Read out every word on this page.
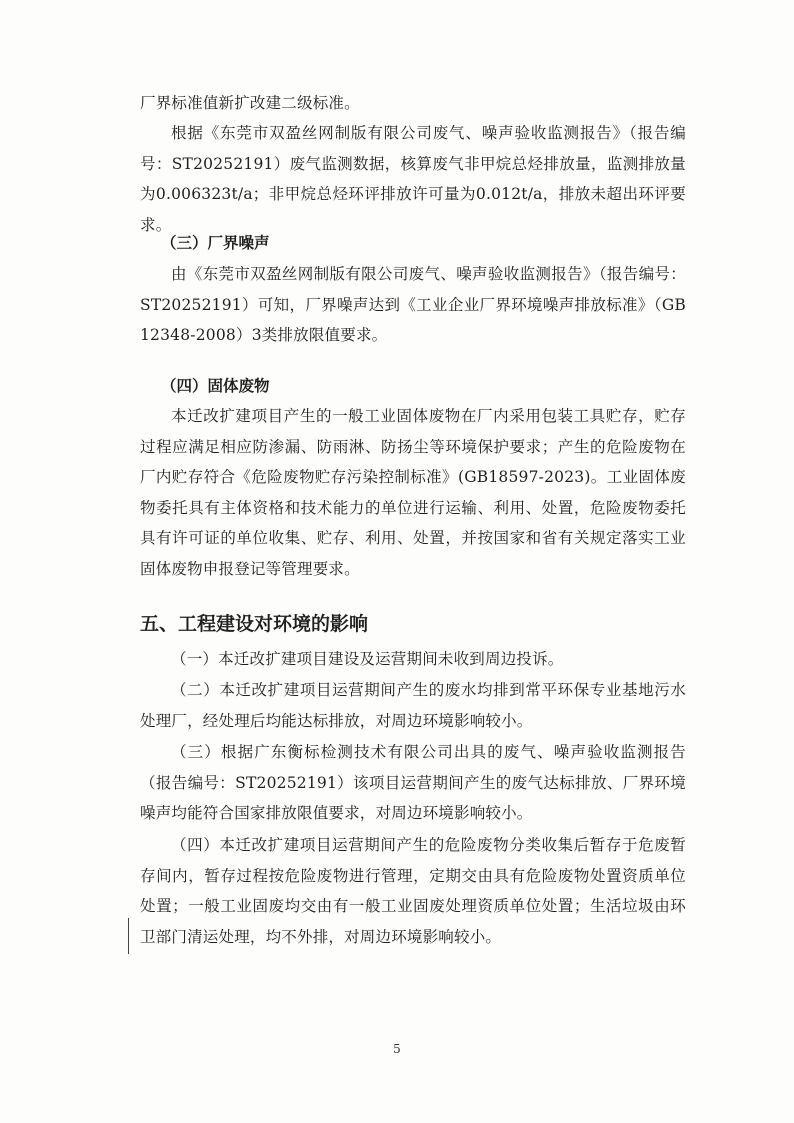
厂界标准值新扩改建二级标准。
根据《东莞市双盈丝网制版有限公司废气、噪声验收监测报告》（报告编号：ST20252191）废气监测数据，核算废气非甲烷总烃排放量，监测排放量为0.006323t/a；非甲烷总烃环评排放许可量为0.012t/a，排放未超出环评要求。
（三）厂界噪声
由《东莞市双盈丝网制版有限公司废气、噪声验收监测报告》（报告编号：ST20252191）可知，厂界噪声达到《工业企业厂界环境噪声排放标准》（GB 12348-2008）3类排放限值要求。
（四）固体废物
本迁改扩建项目产生的一般工业固体废物在厂内采用包装工具贮存，贮存过程应满足相应防渗漏、防雨淋、防扬尘等环境保护要求；产生的危险废物在厂内贮存符合《危险废物贮存污染控制标准》(GB18597-2023)。工业固体废物委托具有主体资格和技术能力的单位进行运输、利用、处置，危险废物委托具有许可证的单位收集、贮存、利用、处置，并按国家和省有关规定落实工业固体废物申报登记等管理要求。
五、工程建设对环境的影响
（一）本迁改扩建项目建设及运营期间未收到周边投诉。
（二）本迁改扩建项目运营期间产生的废水均排到常平环保专业基地污水处理厂，经处理后均能达标排放，对周边环境影响较小。
（三）根据广东衡标检测技术有限公司出具的废气、噪声验收监测报告（报告编号：ST20252191）该项目运营期间产生的废气达标排放、厂界环境噪声均能符合国家排放限值要求，对周边环境影响较小。
（四）本迁改扩建项目运营期间产生的危险废物分类收集后暂存于危废暂存间内，暂存过程按危险废物进行管理，定期交由具有危险废物处置资质单位处置；一般工业固废均交由有一般工业固废处理资质单位处置；生活垃圾由环卫部门清运处理，均不外排，对周边环境影响较小。
5
